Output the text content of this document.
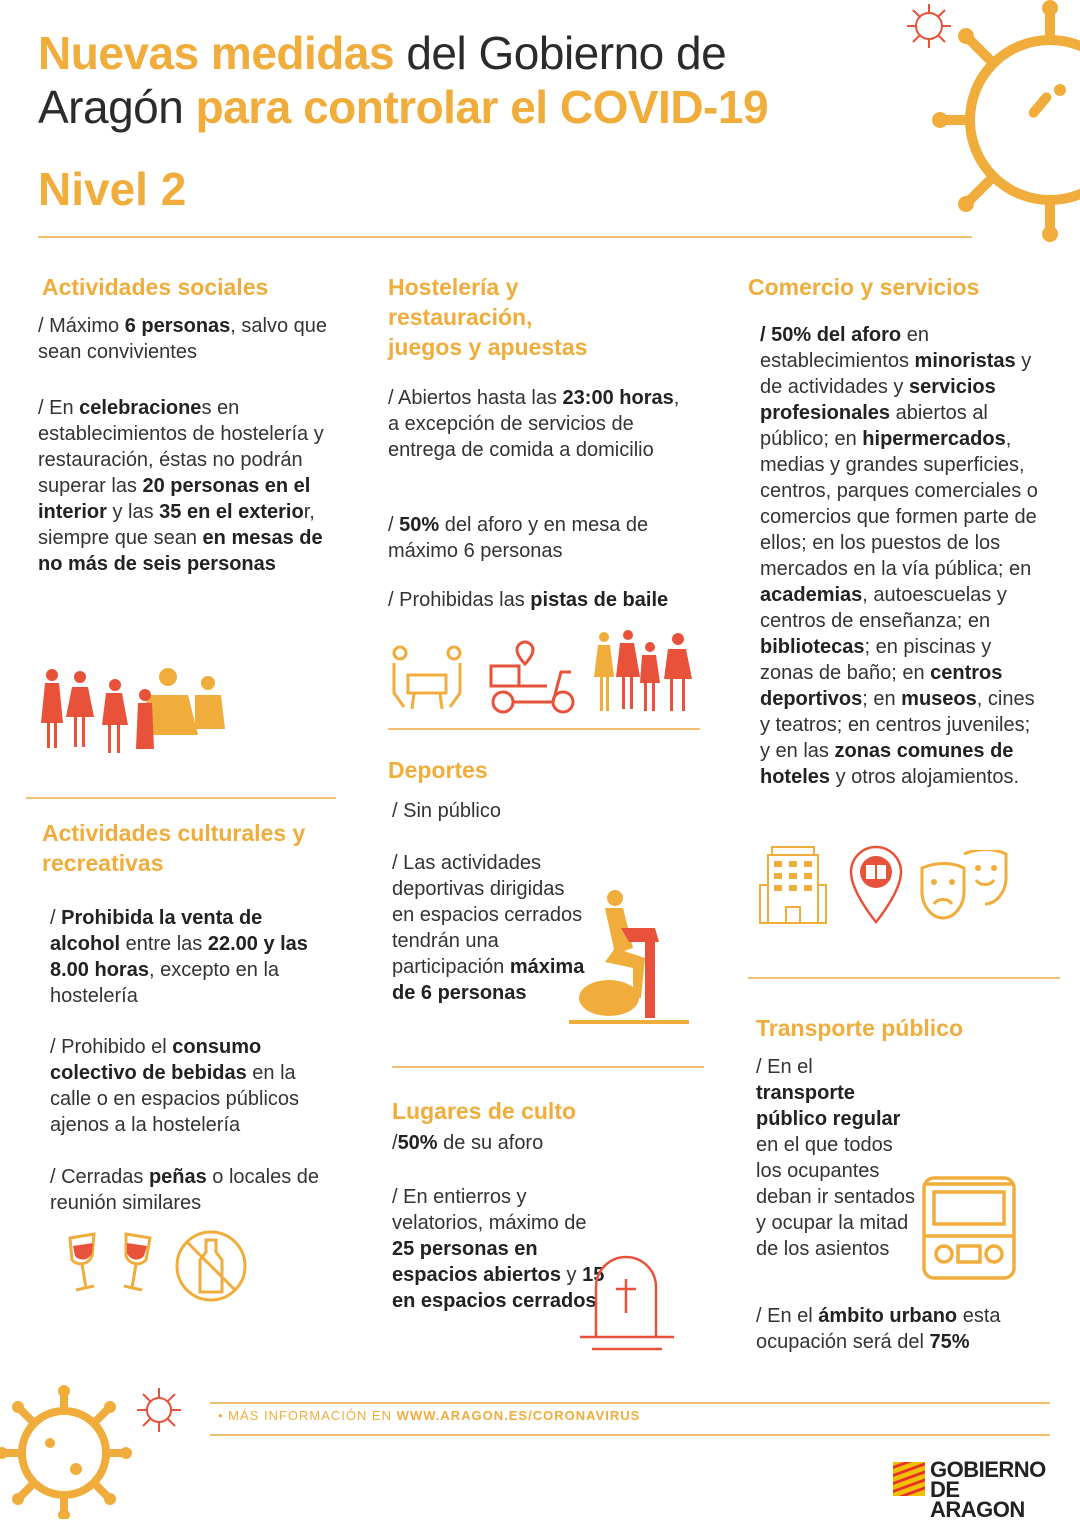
Nuevas medidas del Gobierno de
Aragón para controlar el COVID-19
Nivel 2
Actividades sociales
/ Máximo 6 personas, salvo que sean convivientes
/ En celebraciones en establecimientos de hostelería y restauración, éstas no podrán superar las 20 personas en el interior y las 35 en el exterior, siempre que sean en mesas de no más de seis personas
Actividades culturales y recreativas
/ Prohibida la venta de alcohol entre las 22.00 y las 8.00 horas, excepto en la hostelería
/ Prohibido el consumo colectivo de bebidas en la calle o en espacios públicos ajenos a la hostelería
/ Cerradas peñas o locales de reunión similares
Hostelería y restauración, juegos y apuestas
/ Abiertos hasta las 23:00 horas, a excepción de servicios de entrega de comida a domicilio
/ 50% del aforo y en mesa de máximo 6 personas
/ Prohibidas las pistas de baile
Deportes
/ Sin público
/ Las actividades deportivas dirigidas en espacios cerrados tendrán una participación máxima de 6 personas
Lugares de culto
/50% de su aforo
/ En entierros y velatorios, máximo de 25 personas en espacios abiertos y 15 en espacios cerrados
Comercio y servicios
/ 50% del aforo en establecimientos minoristas y de actividades y servicios profesionales abiertos al público; en hipermercados, medias y grandes superficies, centros, parques comerciales o comercios que formen parte de ellos; en los puestos de los mercados en la vía pública; en academias, autoescuelas y centros de enseñanza; en bibliotecas; en piscinas y zonas de baño; en centros deportivos; en museos, cines y teatros; en centros juveniles; y en las zonas comunes de hoteles y otros alojamientos.
Transporte público
/ En el transporte público regular en el que todos los ocupantes deban ir sentados y ocupar la mitad de los asientos
/ En el ámbito urbano esta ocupación será del 75%
• MÁS INFORMACIÓN EN WWW.ARAGON.ES/CORONAVIRUS
GOBIERNO
DE ARAGON
